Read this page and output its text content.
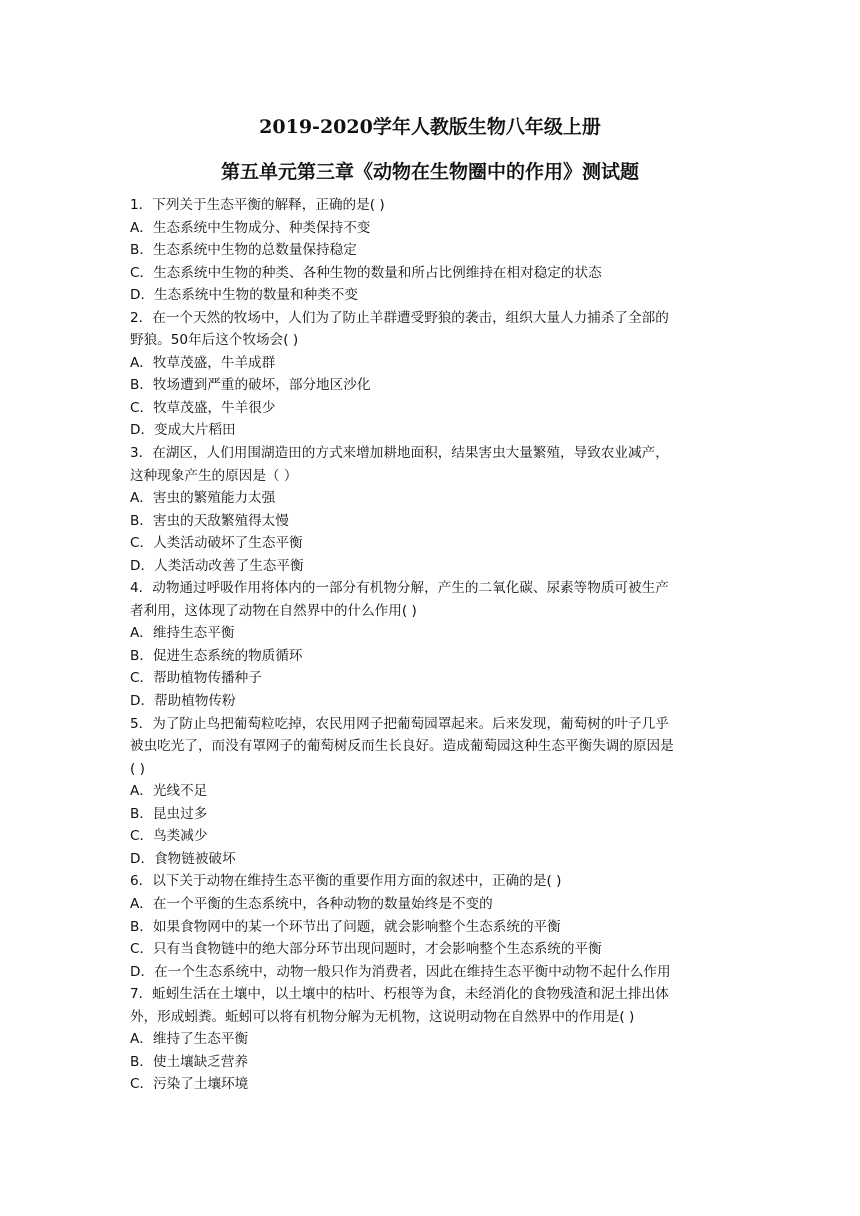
2019-2020学年人教版生物八年级上册
第五单元第三章《动物在生物圈中的作用》测试题
1．下列关于生态平衡的解释，正确的是( )
A．生态系统中生物成分、种类保持不变
B．生态系统中生物的总数量保持稳定
C．生态系统中生物的种类、各种生物的数量和所占比例维持在相对稳定的状态
D．生态系统中生物的数量和种类不变
2．在一个天然的牧场中，人们为了防止羊群遭受野狼的袭击，组织大量人力捕杀了全部的
野狼。50年后这个牧场会( )
A．牧草茂盛，牛羊成群
B．牧场遭到严重的破坏，部分地区沙化
C．牧草茂盛，牛羊很少
D．变成大片稻田
3．在湖区，人们用围湖造田的方式来增加耕地面积，结果害虫大量繁殖，导致农业减产，
这种现象产生的原因是（ ）
A．害虫的繁殖能力太强
B．害虫的天敌繁殖得太慢
C．人类活动破坏了生态平衡
D．人类活动改善了生态平衡
4．动物通过呼吸作用将体内的一部分有机物分解，产生的二氧化碳、尿素等物质可被生产
者利用，这体现了动物在自然界中的什么作用( )
A．维持生态平衡
B．促进生态系统的物质循环
C．帮助植物传播种子
D．帮助植物传粉
5．为了防止鸟把葡萄粒吃掉，农民用网子把葡萄园罩起来。后来发现，葡萄树的叶子几乎
被虫吃光了，而没有罩网子的葡萄树反而生长良好。造成葡萄园这种生态平衡失调的原因是
( )
A．光线不足
B．昆虫过多
C．鸟类减少
D．食物链被破坏
6．以下关于动物在维持生态平衡的重要作用方面的叙述中，正确的是( )
A．在一个平衡的生态系统中，各种动物的数量始终是不变的
B．如果食物网中的某一个环节出了问题，就会影响整个生态系统的平衡
C．只有当食物链中的绝大部分环节出现问题时，才会影响整个生态系统的平衡
D．在一个生态系统中，动物一般只作为消费者，因此在维持生态平衡中动物不起什么作用
7．蚯蚓生活在土壤中，以土壤中的枯叶、朽根等为食，未经消化的食物残渣和泥土排出体
外，形成蚓粪。蚯蚓可以将有机物分解为无机物，这说明动物在自然界中的作用是( )
A．维持了生态平衡
B．使土壤缺乏营养
C．污染了土壤环境
